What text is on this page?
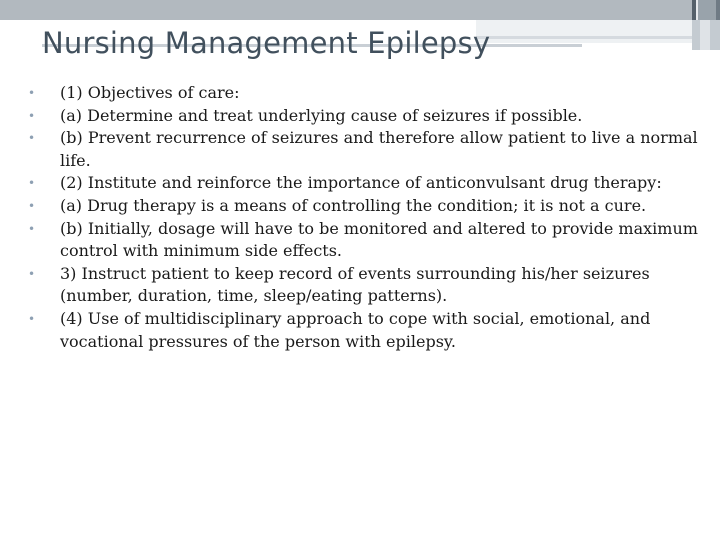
Nursing Management Epilepsy
•	(1) Objectives of care:
•	(a) Determine and treat underlying cause of seizures if possible.
•	(b) Prevent recurrence of seizures and therefore allow patient to live a normal life.
•	(2) Institute and reinforce the importance of anticonvulsant drug therapy:
•	(a) Drug therapy is a means of controlling the condition; it is not a cure.
•	(b) Initially, dosage will have to be monitored and altered to provide maximum control with minimum side effects.
•	3) Instruct patient to keep record of events surrounding his/her seizures (number, duration, time, sleep/eating patterns).
•	(4) Use of multidisciplinary approach to cope with social, emotional, and vocational pressures of the person with epilepsy.
